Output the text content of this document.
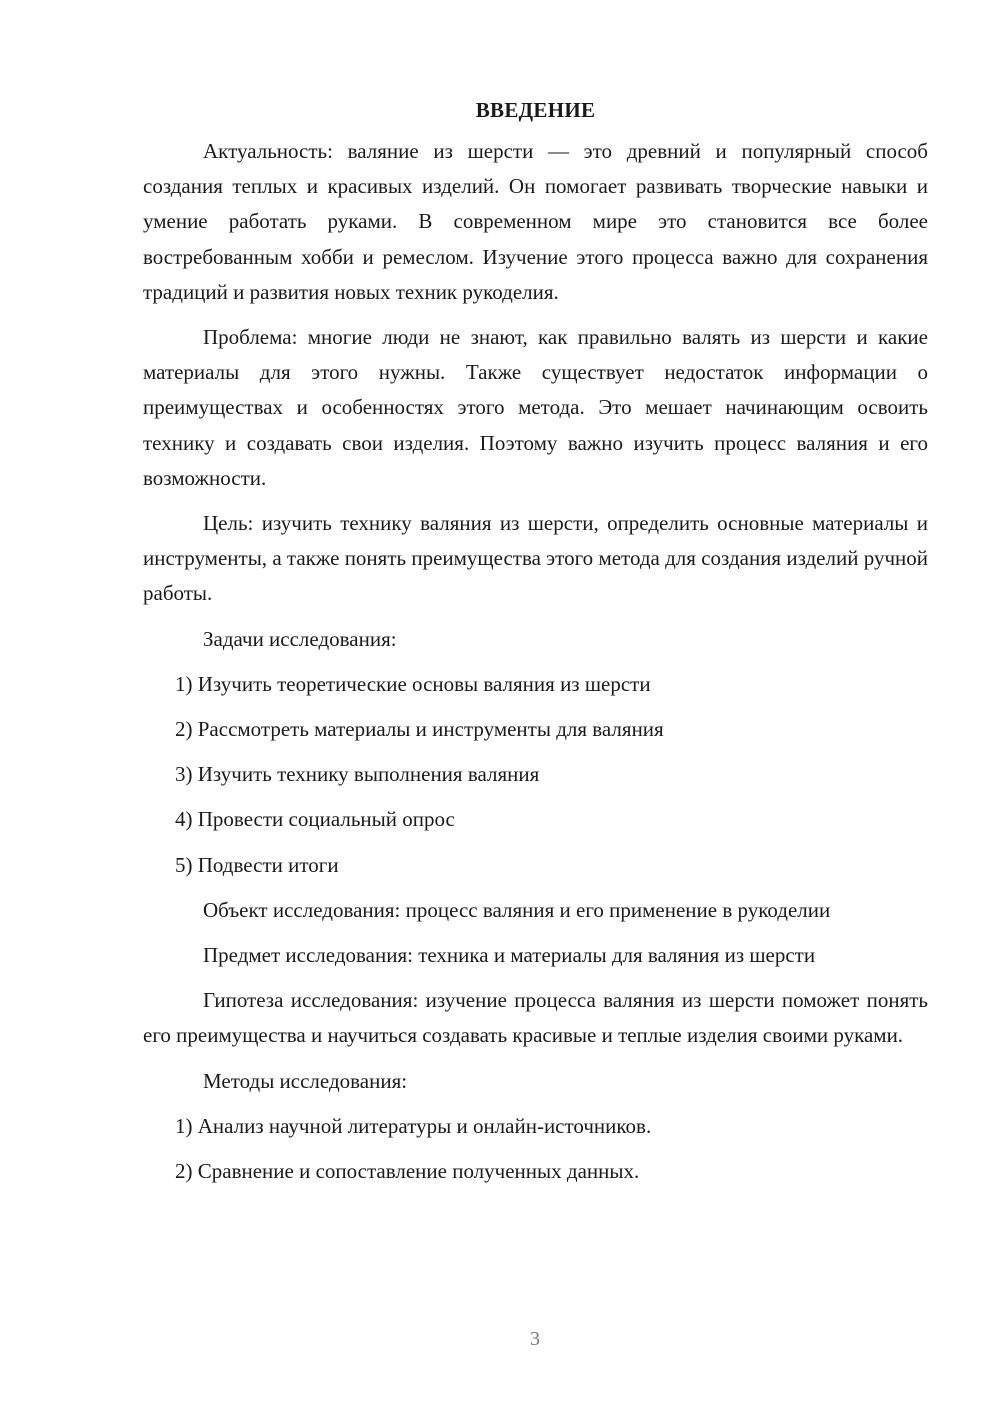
ВВЕДЕНИЕ

Актуальность: валяние из шерсти — это древний и популярный способ создания теплых и красивых изделий. Он помогает развивать творческие навыки и умение работать руками. В современном мире это становится все более востребованным хобби и ремеслом. Изучение этого процесса важно для сохранения традиций и развития новых техник рукоделия.

Проблема: многие люди не знают, как правильно валять из шерсти и какие материалы для этого нужны. Также существует недостаток информации о преимуществах и особенностях этого метода. Это мешает начинающим освоить технику и создавать свои изделия. Поэтому важно изучить процесс валяния и его возможности.

Цель: изучить технику валяния из шерсти, определить основные материалы и инструменты, а также понять преимущества этого метода для создания изделий ручной работы.

Задачи исследования:
1) Изучить теоретические основы валяния из шерсти
2) Рассмотреть материалы и инструменты для валяния
3) Изучить технику выполнения валяния
4) Провести социальный опрос
5) Подвести итоги

Объект исследования: процесс валяния и его применение в рукоделии

Предмет исследования: техника и материалы для валяния из шерсти

Гипотеза исследования: изучение процесса валяния из шерсти поможет понять его преимущества и научиться создавать красивые и теплые изделия своими руками.

Методы исследования:
1) Анализ научной литературы и онлайн-источников.
2) Сравнение и сопоставление полученных данных.
3
